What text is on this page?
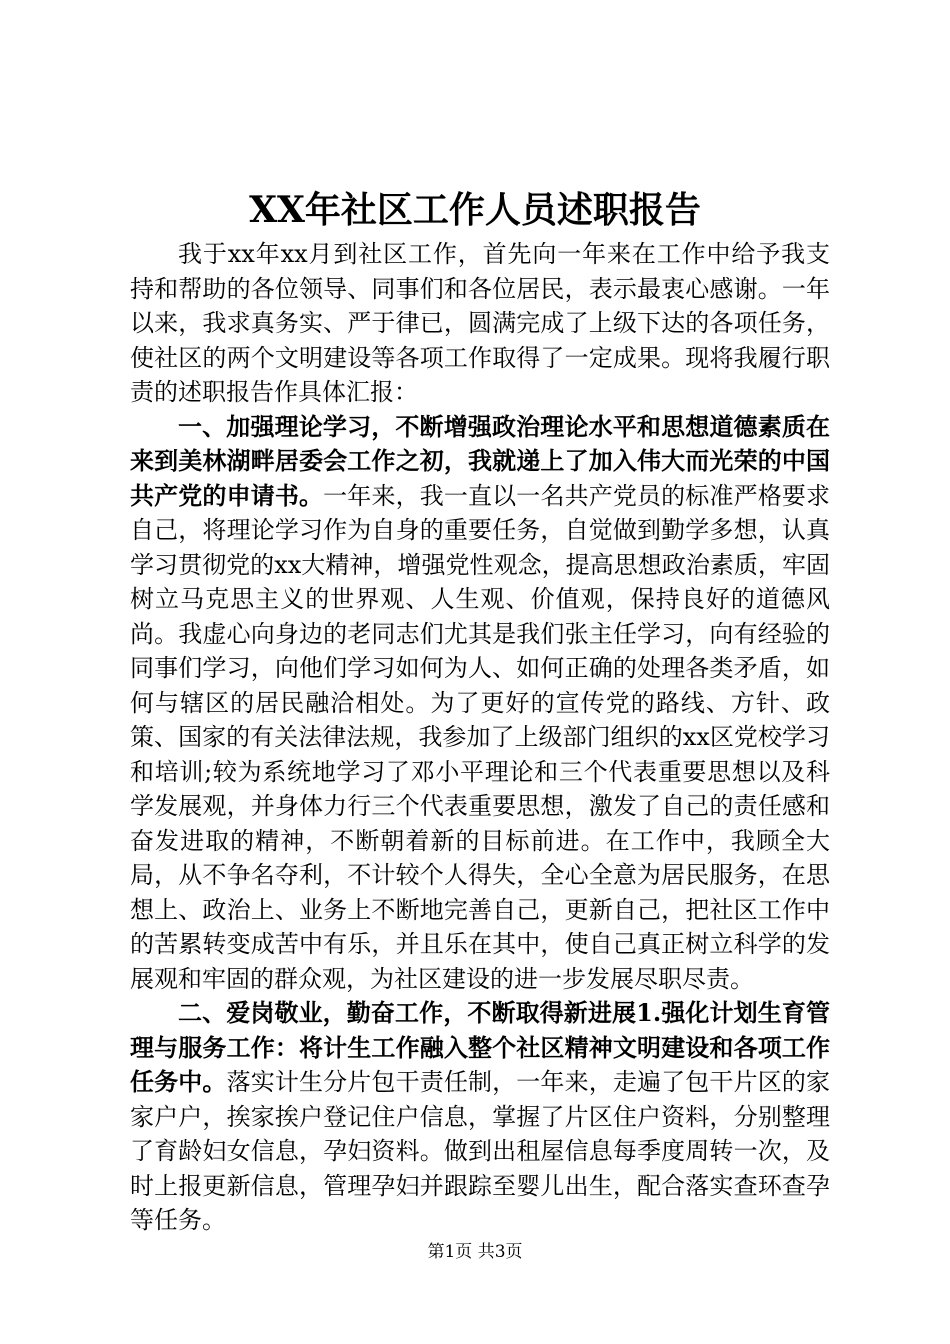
XX年社区工作人员述职报告

我于xx年xx月到社区工作，首先向一年来在工作中给予我支持和帮助的各位领导、同事们和各位居民，表示最衷心感谢。一年以来，我求真务实、严于律已，圆满完成了上级下达的各项任务，使社区的两个文明建设等各项工作取得了一定成果。现将我履行职责的述职报告作具体汇报：

一、加强理论学习，不断增强政治理论水平和思想道德素质在来到美林湖畔居委会工作之初，我就递上了加入伟大而光荣的中国共产党的申请书。一年来，我一直以一名共产党员的标准严格要求自己，将理论学习作为自身的重要任务，自觉做到勤学多想，认真学习贯彻党的xx大精神，增强党性观念，提高思想政治素质，牢固树立马克思主义的世界观、人生观、价值观，保持良好的道德风尚。我虚心向身边的老同志们尤其是我们张主任学习，向有经验的同事们学习，向他们学习如何为人、如何正确的处理各类矛盾，如何与辖区的居民融洽相处。为了更好的宣传党的路线、方针、政策、国家的有关法律法规，我参加了上级部门组织的xx区党校学习和培训;较为系统地学习了邓小平理论和三个代表重要思想以及科学发展观，并身体力行三个代表重要思想，激发了自己的责任感和奋发进取的精神，不断朝着新的目标前进。在工作中，我顾全大局，从不争名夺利，不计较个人得失，全心全意为居民服务，在思想上、政治上、业务上不断地完善自己，更新自己，把社区工作中的苦累转变成苦中有乐，并且乐在其中，使自己真正树立科学的发展观和牢固的群众观，为社区建设的进一步发展尽职尽责。

二、爱岗敬业，勤奋工作，不断取得新进展1.强化计划生育管理与服务工作：将计生工作融入整个社区精神文明建设和各项工作任务中。落实计生分片包干责任制，一年来，走遍了包干片区的家家户户，挨家挨户登记住户信息，掌握了片区住户资料，分别整理了育龄妇女信息，孕妇资料。做到出租屋信息每季度周转一次，及时上报更新信息，管理孕妇并跟踪至婴儿出生，配合落实查环查孕等任务。

第1页 共3页
